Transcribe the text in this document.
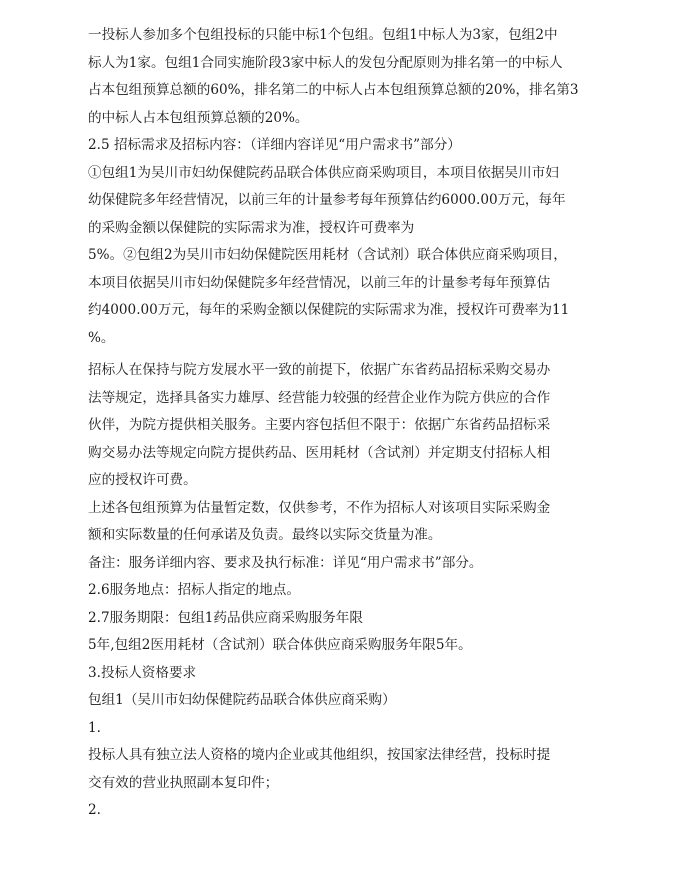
一投标人参加多个包组投标的只能中标1个包组。包组1中标人为3家，包组2中

标人为1家。包组1合同实施阶段3家中标人的发包分配原则为排名第一的中标人

占本包组预算总额的60%，排名第二的中标人占本包组预算总额的20%，排名第3

的中标人占本包组预算总额的20%。

2.5 招标需求及招标内容：（详细内容详见“用户需求书”部分）

①包组1为吴川市妇幼保健院药品联合体供应商采购项目，本项目依据吴川市妇

幼保健院多年经营情况，以前三年的计量参考每年预算估约6000.00万元，每年

的采购金额以保健院的实际需求为准，授权许可费率为

5%。②包组2为吴川市妇幼保健院医用耗材（含试剂）联合体供应商采购项目，

本项目依据吴川市妇幼保健院多年经营情况，以前三年的计量参考每年预算估

约4000.00万元，每年的采购金额以保健院的实际需求为准，授权许可费率为11

%。

招标人在保持与院方发展水平一致的前提下，依据广东省药品招标采购交易办

法等规定，选择具备实力雄厚、经营能力较强的经营企业作为院方供应的合作

伙伴，为院方提供相关服务。主要内容包括但不限于：依据广东省药品招标采

购交易办法等规定向院方提供药品、医用耗材（含试剂）并定期支付招标人相

应的授权许可费。

上述各包组预算为估量暂定数，仅供参考，不作为招标人对该项目实际采购金

额和实际数量的任何承诺及负责。最终以实际交货量为准。

备注：服务详细内容、要求及执行标准：详见“用户需求书”部分。

2.6服务地点：招标人指定的地点。

2.7服务期限：包组1药品供应商采购服务年限

5年,包组2医用耗材（含试剂）联合体供应商采购服务年限5年。

3.投标人资格要求

包组1（吴川市妇幼保健院药品联合体供应商采购）

1.

投标人具有独立法人资格的境内企业或其他组织，按国家法律经营，投标时提

交有效的营业执照副本复印件；

2.
